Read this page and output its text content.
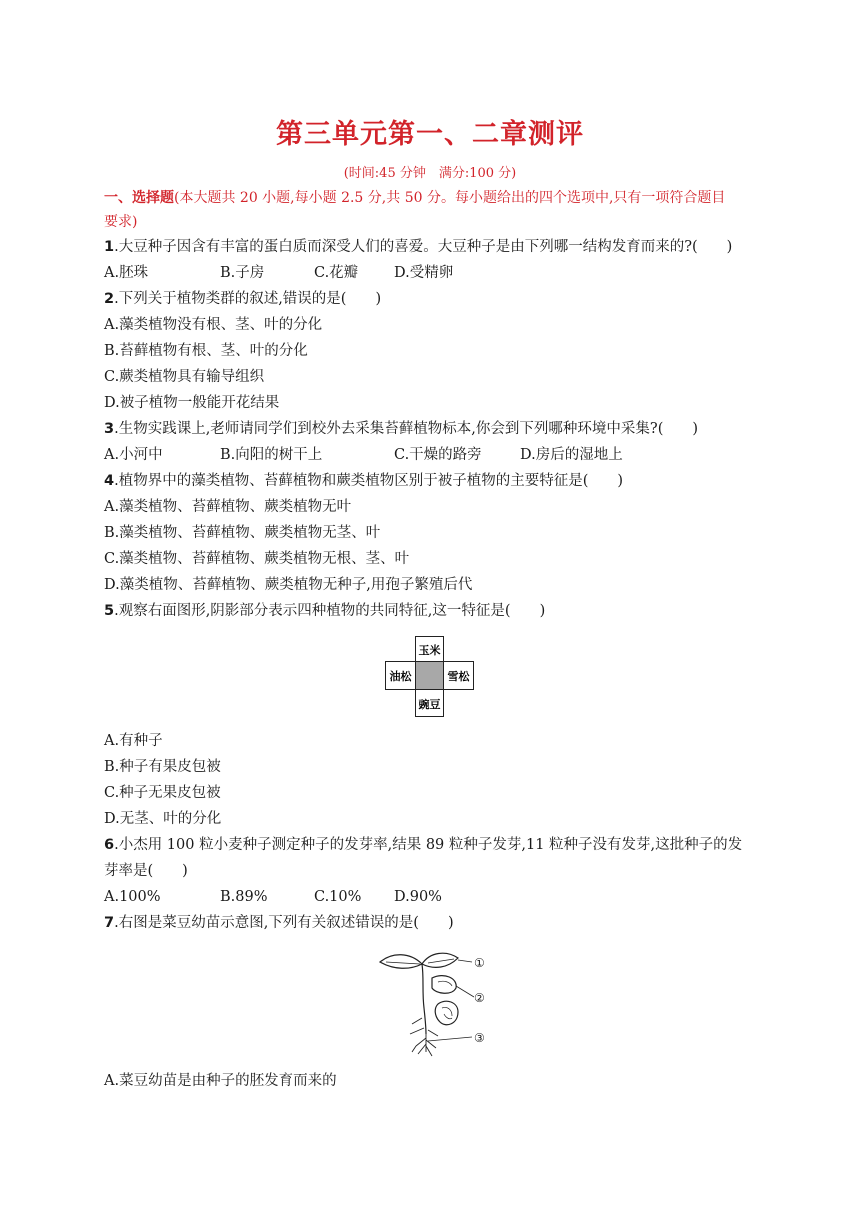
第三单元第一、二章测评
(时间:45 分钟　满分:100 分)
一、选择题(本大题共 20 小题,每小题 2.5 分,共 50 分。每小题给出的四个选项中,只有一项符合题目
要求)
1.大豆种子因含有丰富的蛋白质而深受人们的喜爱。大豆种子是由下列哪一结构发育而来的?(　　)
A.胚珠	B.子房	C.花瓣 D.受精卵
2.下列关于植物类群的叙述,错误的是(　　)
A.藻类植物没有根、茎、叶的分化
B.苔藓植物有根、茎、叶的分化
C.蕨类植物具有输导组织
D.被子植物一般能开花结果
3.生物实践课上,老师请同学们到校外去采集苔藓植物标本,你会到下列哪种环境中采集?(　　)
A.小河中	B.向阳的树干上	C.干燥的路旁	D.房后的湿地上
4.植物界中的藻类植物、苔藓植物和蕨类植物区别于被子植物的主要特征是(　　)
A.藻类植物、苔藓植物、蕨类植物无叶
B.藻类植物、苔藓植物、蕨类植物无茎、叶
C.藻类植物、苔藓植物、蕨类植物无根、茎、叶
D.藻类植物、苔藓植物、蕨类植物无种子,用孢子繁殖后代
5.观察右面图形,阴影部分表示四种植物的共同特征,这一特征是(　　)
玉米
油松	雪松
豌豆
A.有种子
B.种子有果皮包被
C.种子无果皮包被
D.无茎、叶的分化
6.小杰用 100 粒小麦种子测定种子的发芽率,结果 89 粒种子发芽,11 粒种子没有发芽,这批种子的发
芽率是(　　)
A.100%	B.89%	C.10% D.90%
7.右图是菜豆幼苗示意图,下列有关叙述错误的是(　　)
①
②
③
A.菜豆幼苗是由种子的胚发育而来的
